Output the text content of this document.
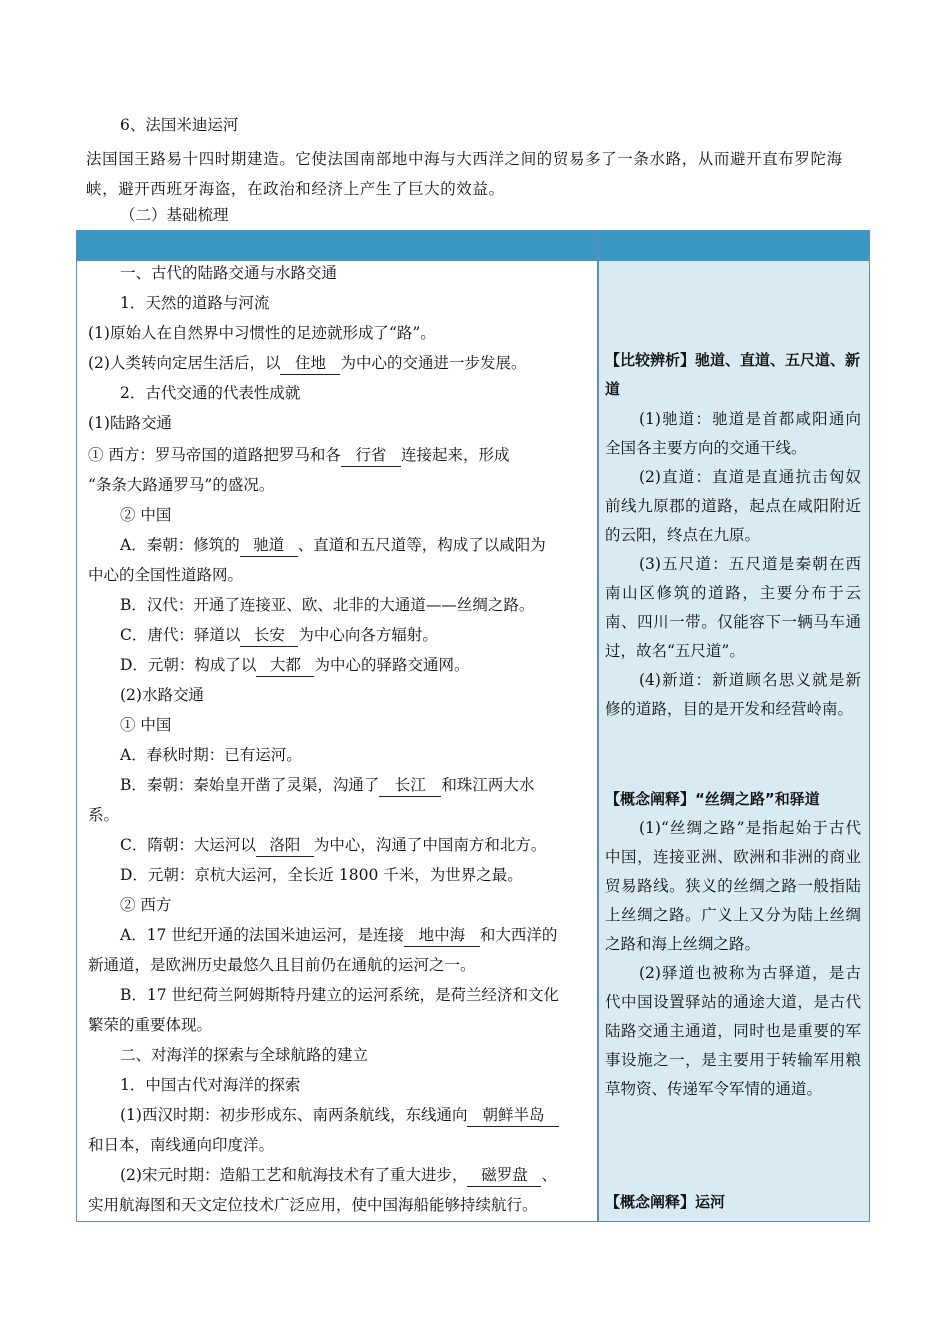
6、法国米迪运河
法国国王路易十四时期建造。它使法国南部地中海与大西洋之间的贸易多了一条水路，从而避开直布罗陀海峡，避开西班牙海盗，在政治和经济上产生了巨大的效益。
（二）基础梳理
一、古代的陆路交通与水路交通
1．天然的道路与河流
(1)原始人在自然界中习惯性的足迹就形成了“路”。
(2)人类转向定居生活后，以 住地 为中心的交通进一步发展。
2．古代交通的代表性成就
(1)陆路交通
① 西方：罗马帝国的道路把罗马和各 行省 连接起来，形成
“条条大路通罗马”的盛况。
② 中国
A．秦朝：修筑的 驰道 、直道和五尺道等，构成了以咸阳为
中心的全国性道路网。
B．汉代：开通了连接亚、欧、北非的大通道——丝绸之路。
C．唐代：驿道以 长安 为中心向各方辐射。
D．元朝：构成了以 大都 为中心的驿路交通网。
(2)水路交通
① 中国
A．春秋时期：已有运河。
B．秦朝：秦始皇开凿了灵渠，沟通了 长江 和珠江两大水
系。
C．隋朝：大运河以 洛阳 为中心，沟通了中国南方和北方。
D．元朝：京杭大运河，全长近 1800 千米，为世界之最。
② 西方
A．17 世纪开通的法国米迪运河，是连接 地中海 和大西洋的
新通道，是欧洲历史最悠久且目前仍在通航的运河之一。
B．17 世纪荷兰阿姆斯特丹建立的运河系统，是荷兰经济和文化
繁荣的重要体现。
二、对海洋的探索与全球航路的建立
1．中国古代对海洋的探索
(1)西汉时期：初步形成东、南两条航线，东线通向 朝鲜半岛
和日本，南线通向印度洋。
(2)宋元时期：造船工艺和航海技术有了重大进步， 磁罗盘 、
实用航海图和天文定位技术广泛应用，使中国海船能够持续航行。
【比较辨析】驰道、直道、五尺道、新道
(1)驰道：驰道是首都咸阳通向全国各主要方向的交通干线。
(2)直道：直道是直通抗击匈奴前线九原郡的道路，起点在咸阳附近的云阳，终点在九原。
(3)五尺道：五尺道是秦朝在西南山区修筑的道路，主要分布于云南、四川一带。仅能容下一辆马车通过，故名“五尺道”。
(4)新道：新道顾名思义就是新修的道路，目的是开发和经营岭南。
【概念阐释】“丝绸之路”和驿道
(1)“丝绸之路”是指起始于古代中国，连接亚洲、欧洲和非洲的商业贸易路线。狭义的丝绸之路一般指陆上丝绸之路。广义上又分为陆上丝绸之路和海上丝绸之路。
(2)驿道也被称为古驿道，是古代中国设置驿站的通途大道，是古代陆路交通主通道，同时也是重要的军事设施之一，是主要用于转输军用粮草物资、传递军令军情的通道。
【概念阐释】运河
